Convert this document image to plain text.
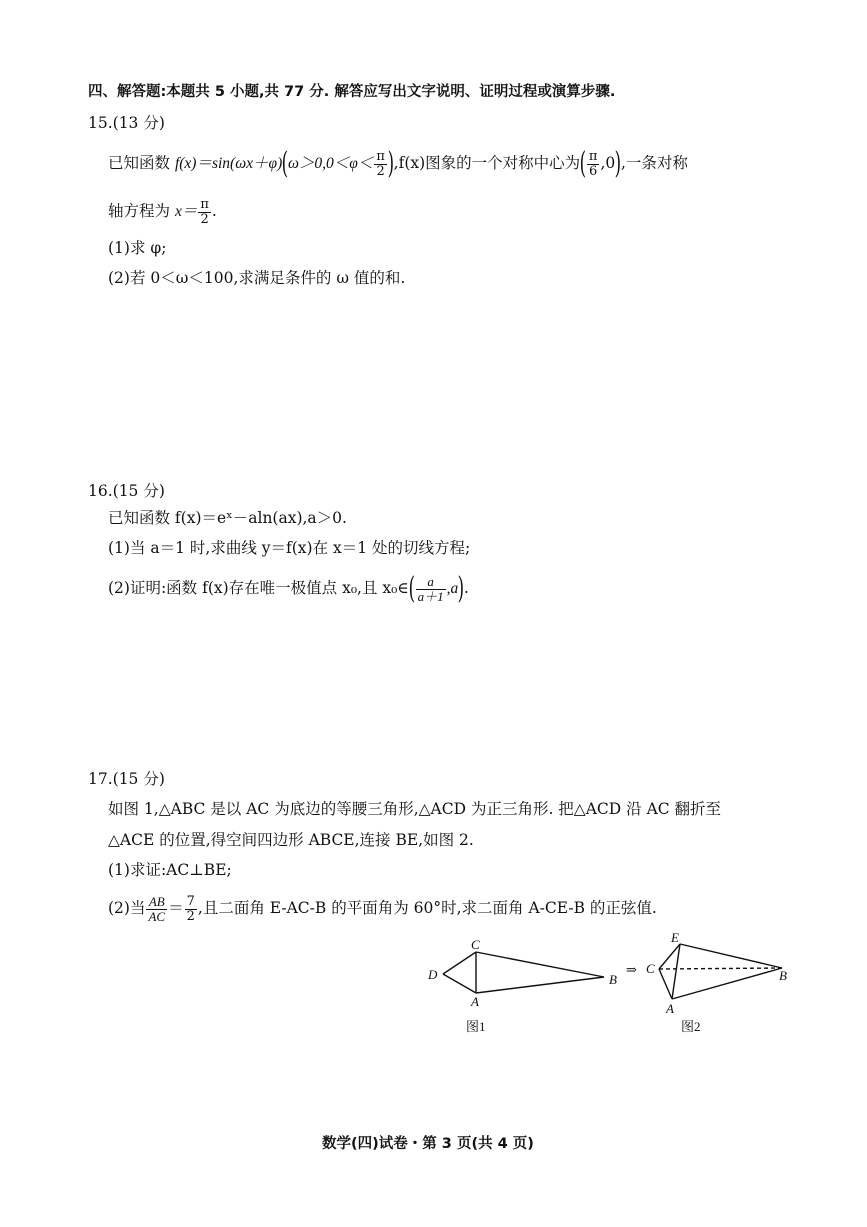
四、解答题:本题共 5 小题,共 77 分. 解答应写出文字说明、证明过程或演算步骤.
15.(13 分)
已知函数 $f(x)=\sin(\omega x+\varphi)(\omega>0,0<\varphi< \frac{\pi}{2} ),f(x)$图象的一个对称中心为( $\frac{\pi}{6} ,0$),一条对称
轴方程为 $x= \frac{\pi}{2}$ .
(1)求 φ;
(2)若 0＜ω＜100,求满足条件的 ω 值的和.
16.(15 分)
已知函数 f(x)＝eˣ－aln(ax),a＞0.
(1)当 a＝1 时,求曲线 y＝f(x)在 x＝1 处的切线方程;
(2)证明:函数 f(x)存在唯一极值点 x₀,且 x₀∈( $\frac{a}{a+1} ,a$).
17.(15 分)
如图 1,△ABC 是以 AC 为底边的等腰三角形,△ACD 为正三角形. 把△ACD 沿 AC 翻折至
△ACE 的位置,得空间四边形 ABCE,连接 BE,如图 2.
(1)求证:AC⊥BE;
(2)当 $\frac{AB}{AC} = \frac{7}{2}$ ,且二面角 E-AC-B 的平面角为 60°时,求二面角 A-CE-B 的正弦值.
C
D
A
B
图1
⇒
E
C
A
B
图2
数学(四)试卷・第 3 页(共 4 页)
